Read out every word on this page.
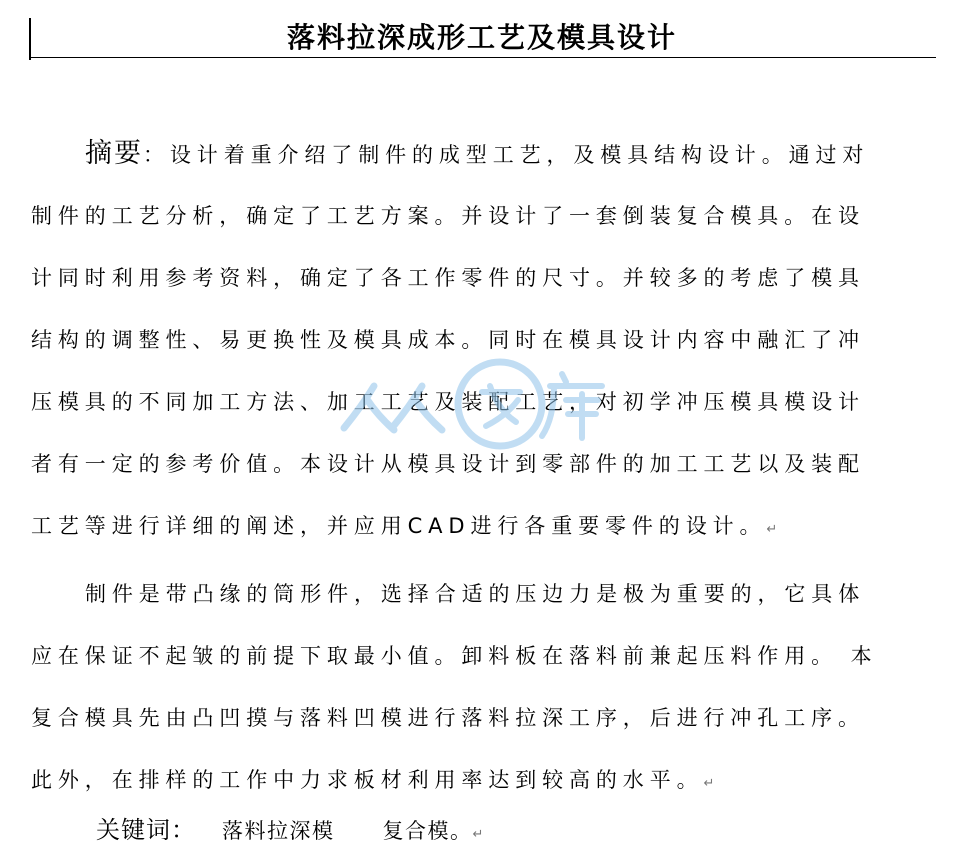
落料拉深成形工艺及模具设计
摘要：设计着重介绍了制件的成型工艺，及模具结构设计。通过对
制件的工艺分析，确定了工艺方案。并设计了一套倒装复合模具。在设
计同时利用参考资料，确定了各工作零件的尺寸。并较多的考虑了模具
结构的调整性、易更换性及模具成本。同时在模具设计内容中融汇了冲
压模具的不同加工方法、加工工艺及装配工艺，对初学冲压模具模设计
者有一定的参考价值。本设计从模具设计到零部件的加工工艺以及装配
工艺等进行详细的阐述，并应用CAD进行各重要零件的设计。↵
制件是带凸缘的筒形件，选择合适的压边力是极为重要的，它具体
应在保证不起皱的前提下取最小值。卸料板在落料前兼起压料作用。 本
复合模具先由凸凹摸与落料凹模进行落料拉深工序，后进行冲孔工序。
此外，在排样的工作中力求板材利用率达到较高的水平。↵
关键词： 落料拉深模 复合模。↵
